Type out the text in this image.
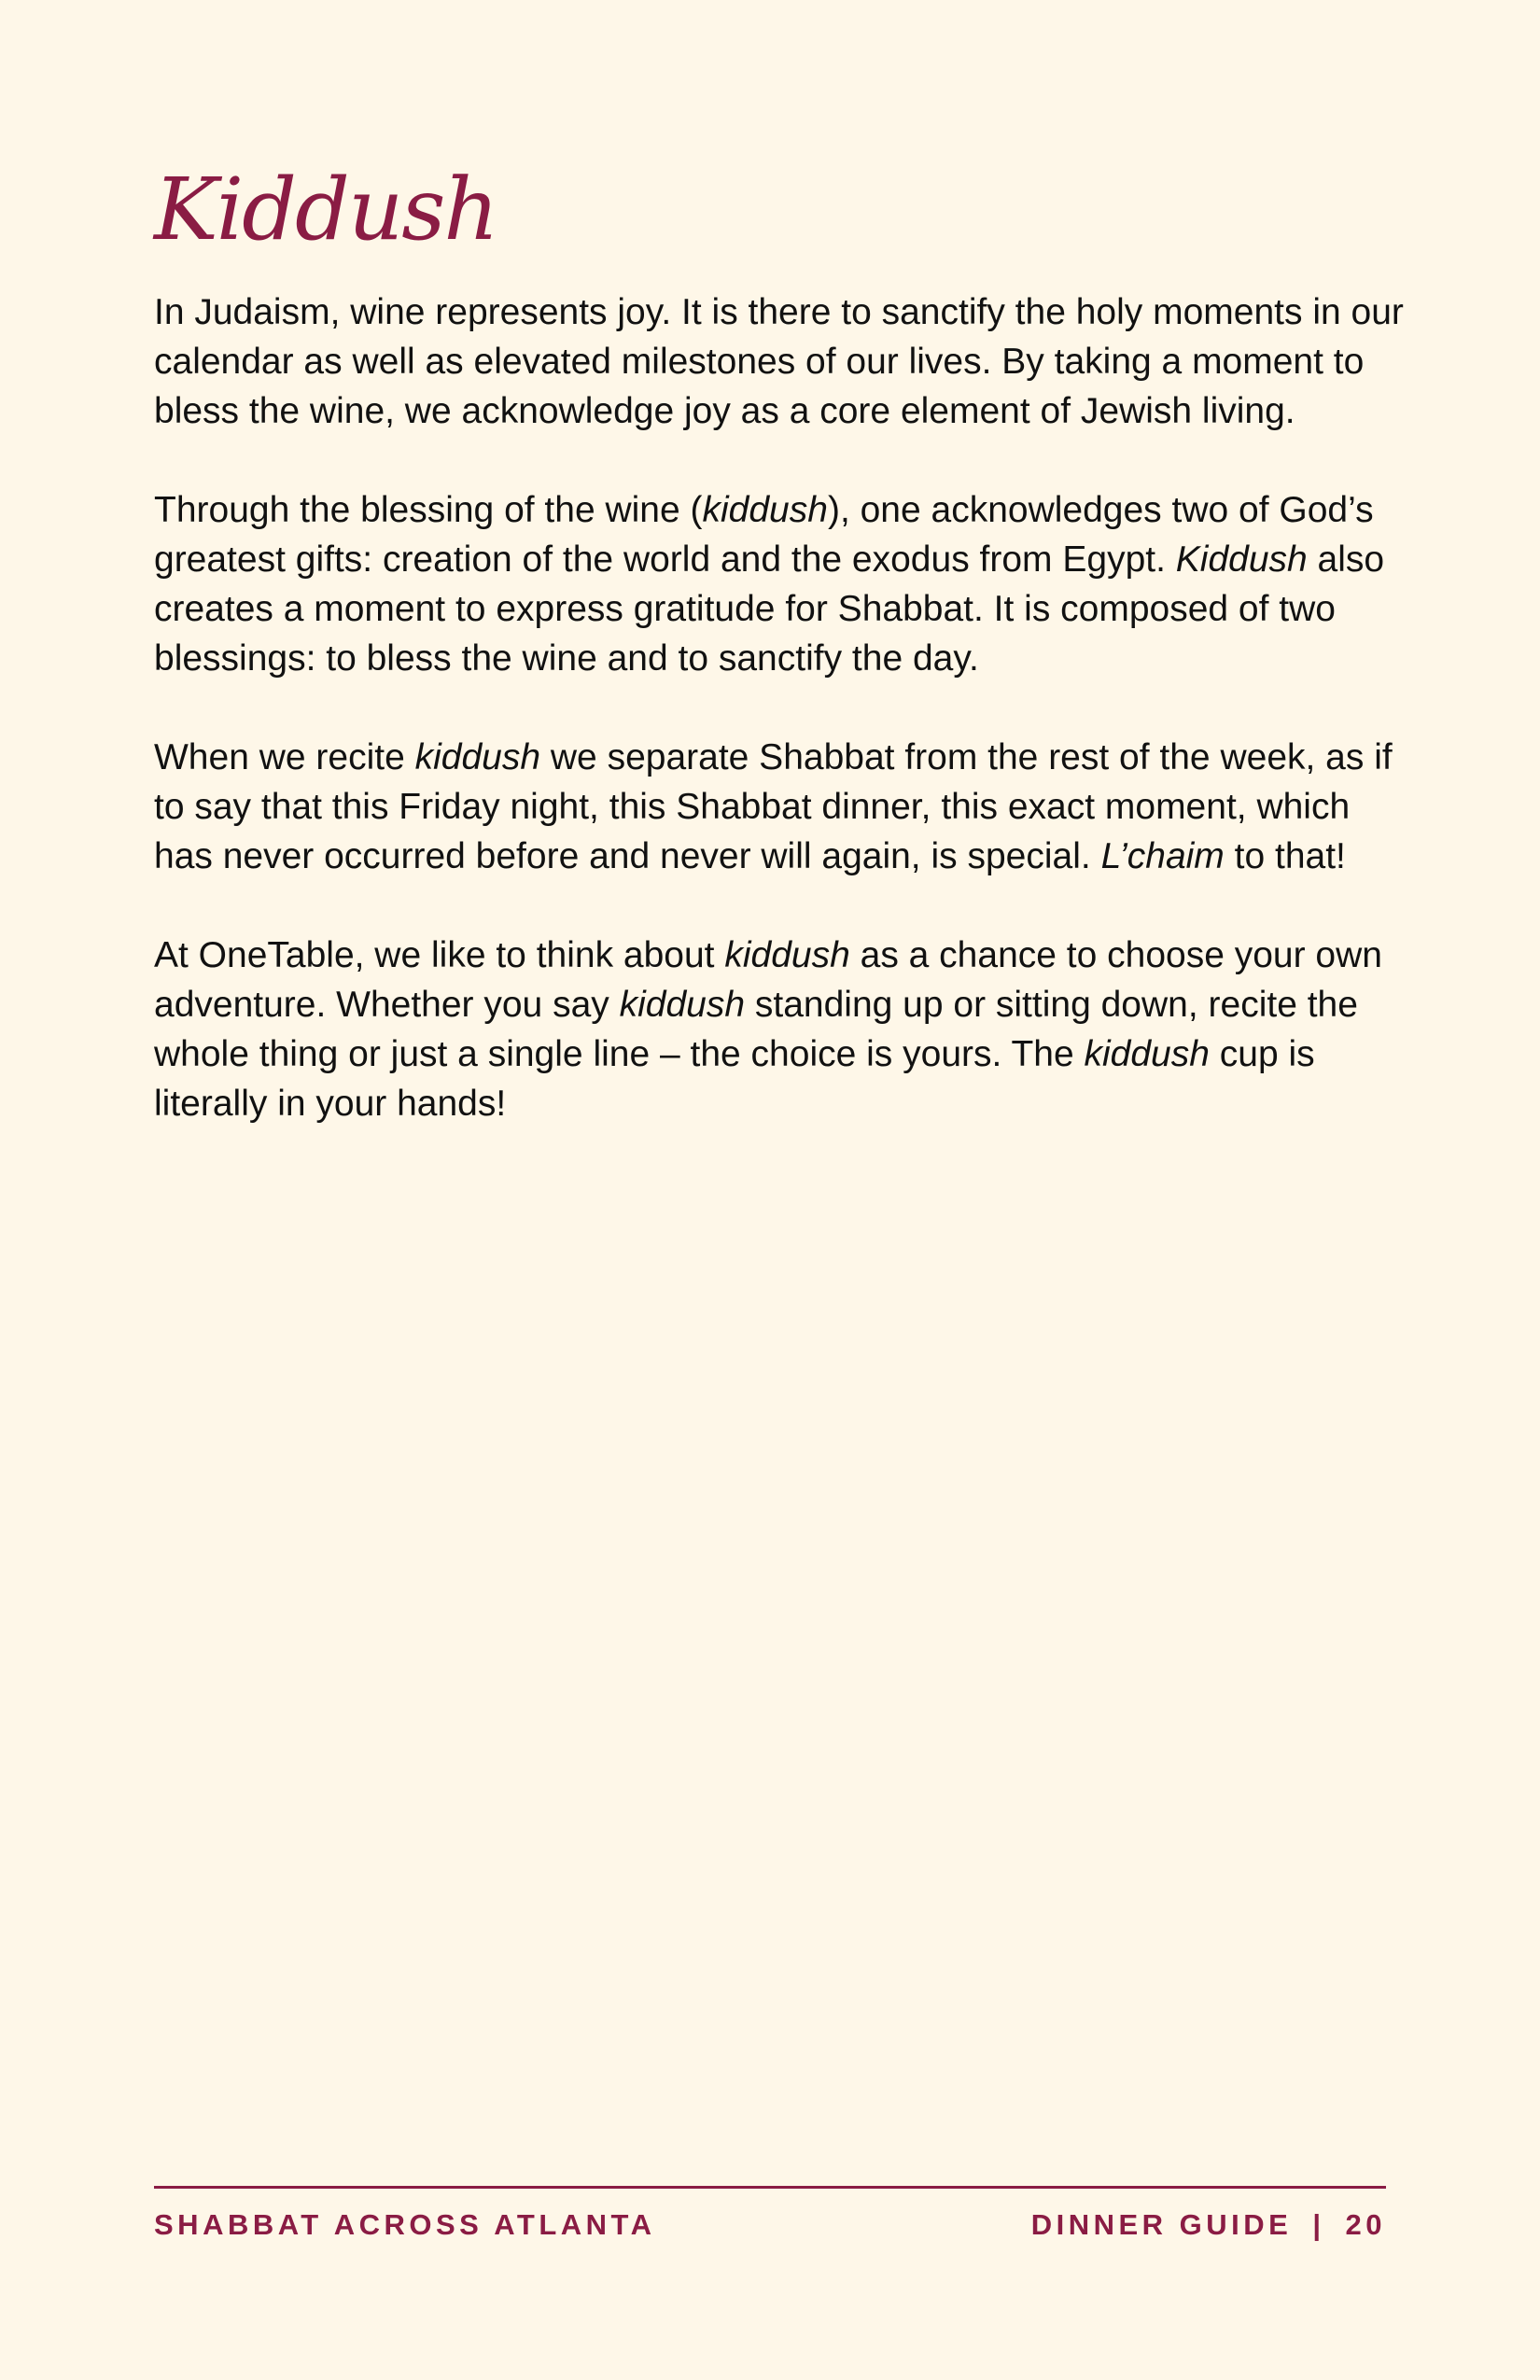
Kiddush

In Judaism, wine represents joy. It is there to sanctify the holy moments in our calendar as well as elevated milestones of our lives. By taking a moment to bless the wine, we acknowledge joy as a core element of Jewish living.

Through the blessing of the wine (kiddush), one acknowledges two of God’s greatest gifts: creation of the world and the exodus from Egypt. Kiddush also creates a moment to express gratitude for Shabbat. It is composed of two blessings: to bless the wine and to sanctify the day.

When we recite kiddush we separate Shabbat from the rest of the week, as if to say that this Friday night, this Shabbat dinner, this exact moment, which has never occurred before and never will again, is special. L’chaim to that!

At OneTable, we like to think about kiddush as a chance to choose your own adventure. Whether you say kiddush standing up or sitting down, recite the whole thing or just a single line – the choice is yours. The kiddush cup is literally in your hands!

SHABBAT ACROSS ATLANTA	DINNER GUIDE | 20
